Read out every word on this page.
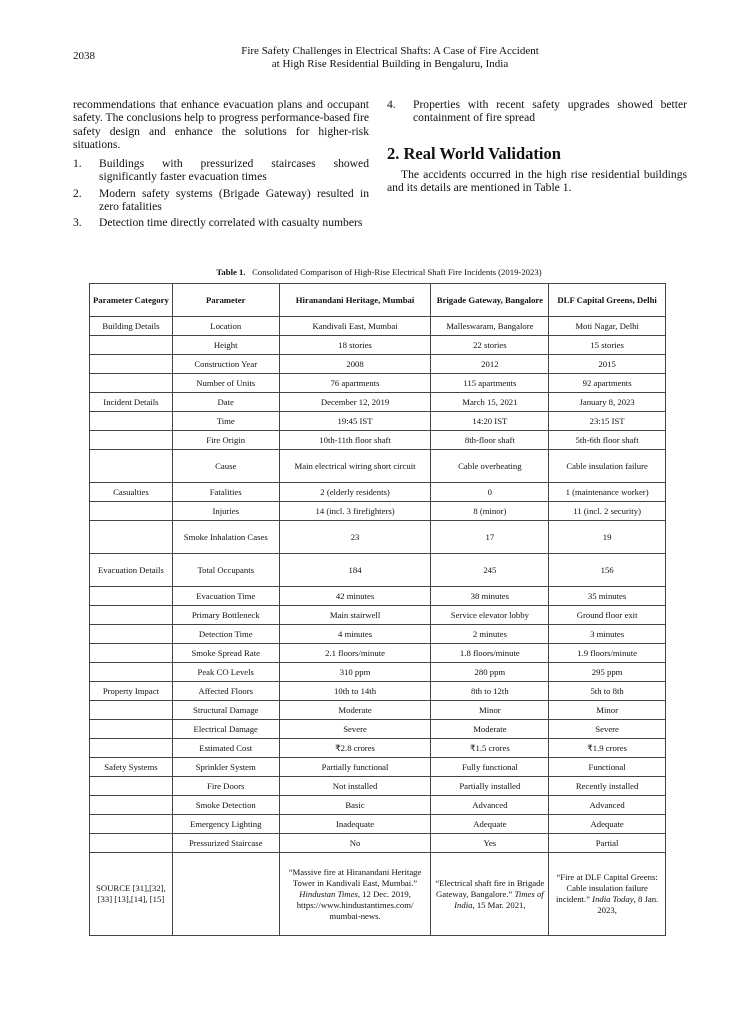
2038	Fire Safety Challenges in Electrical Shafts: A Case of Fire Accident
at High Rise Residential Building in Bengaluru, India
recommendations that enhance evacuation plans and occupant safety. The conclusions help to progress performance-based fire safety design and enhance the solutions for higher-risk situations.
1. Buildings with pressurized staircases showed significantly faster evacuation times
2. Modern safety systems (Brigade Gateway) resulted in zero fatalities
3. Detection time directly correlated with casualty numbers
4. Properties with recent safety upgrades showed better containment of fire spread
2. Real World Validation
The accidents occurred in the high rise residential buildings and its details are mentioned in Table 1.
Table 1. Consolidated Comparison of High-Rise Electrical Shaft Fire Incidents (2019-2023)
Parameter Category	Parameter	Hiranandani Heritage, Mumbai	Brigade Gateway, Bangalore	DLF Capital Greens, Delhi
Building Details	Location	Kandivali East, Mumbai	Malleswaram, Bangalore	Moti Nagar, Delhi
	Height	18 stories	22 stories	15 stories
	Construction Year	2008	2012	2015
	Number of Units	76 apartments	115 apartments	92 apartments
Incident Details	Date	December 12, 2019	March 15, 2021	January 8, 2023
	Time	19:45 IST	14:20 IST	23:15 IST
	Fire Origin	10th-11th floor shaft	8th-floor shaft	5th-6th floor shaft
	Cause	Main electrical wiring short circuit	Cable overheating	Cable insulation failure
Casualties	Fatalities	2 (elderly residents)	0	1 (maintenance worker)
	Injuries	14 (incl. 3 firefighters)	8 (minor)	11 (incl. 2 security)
	Smoke Inhalation Cases	23	17	19
Evacuation Details	Total Occupants	184	245	156
	Evacuation Time	42 minutes	38 minutes	35 minutes
	Primary Bottleneck	Main stairwell	Service elevator lobby	Ground floor exit
	Detection Time	4 minutes	2 minutes	3 minutes
	Smoke Spread Rate	2.1 floors/minute	1.8 floors/minute	1.9 floors/minute
	Peak CO Levels	310 ppm	280 ppm	295 ppm
Property Impact	Affected Floors	10th to 14th	8th to 12th	5th to 8th
	Structural Damage	Moderate	Minor	Minor
	Electrical Damage	Severe	Moderate	Severe
	Estimated Cost	₹2.8 crores	₹1.5 crores	₹1.9 crores
Safety Systems	Sprinkler System	Partially functional	Fully functional	Functional
	Fire Doors	Not installed	Partially installed	Recently installed
	Smoke Detection	Basic	Advanced	Advanced
	Emergency Lighting	Inadequate	Adequate	Adequate
	Pressurized Staircase	No	Yes	Partial
SOURCE [31],[32], [33] [13],[14], [15]		“Massive fire at Hiranandani Heritage Tower in Kandivali East, Mumbai.” Hindustan Times, 12 Dec. 2019, https://www.hindustantimes.com/ mumbai-news.	“Electrical shaft fire in Brigade Gateway, Bangalore.” Times of India, 15 Mar. 2021,	“Fire at DLF Capital Greens: Cable insulation failure incident.” India Today, 8 Jan. 2023,
